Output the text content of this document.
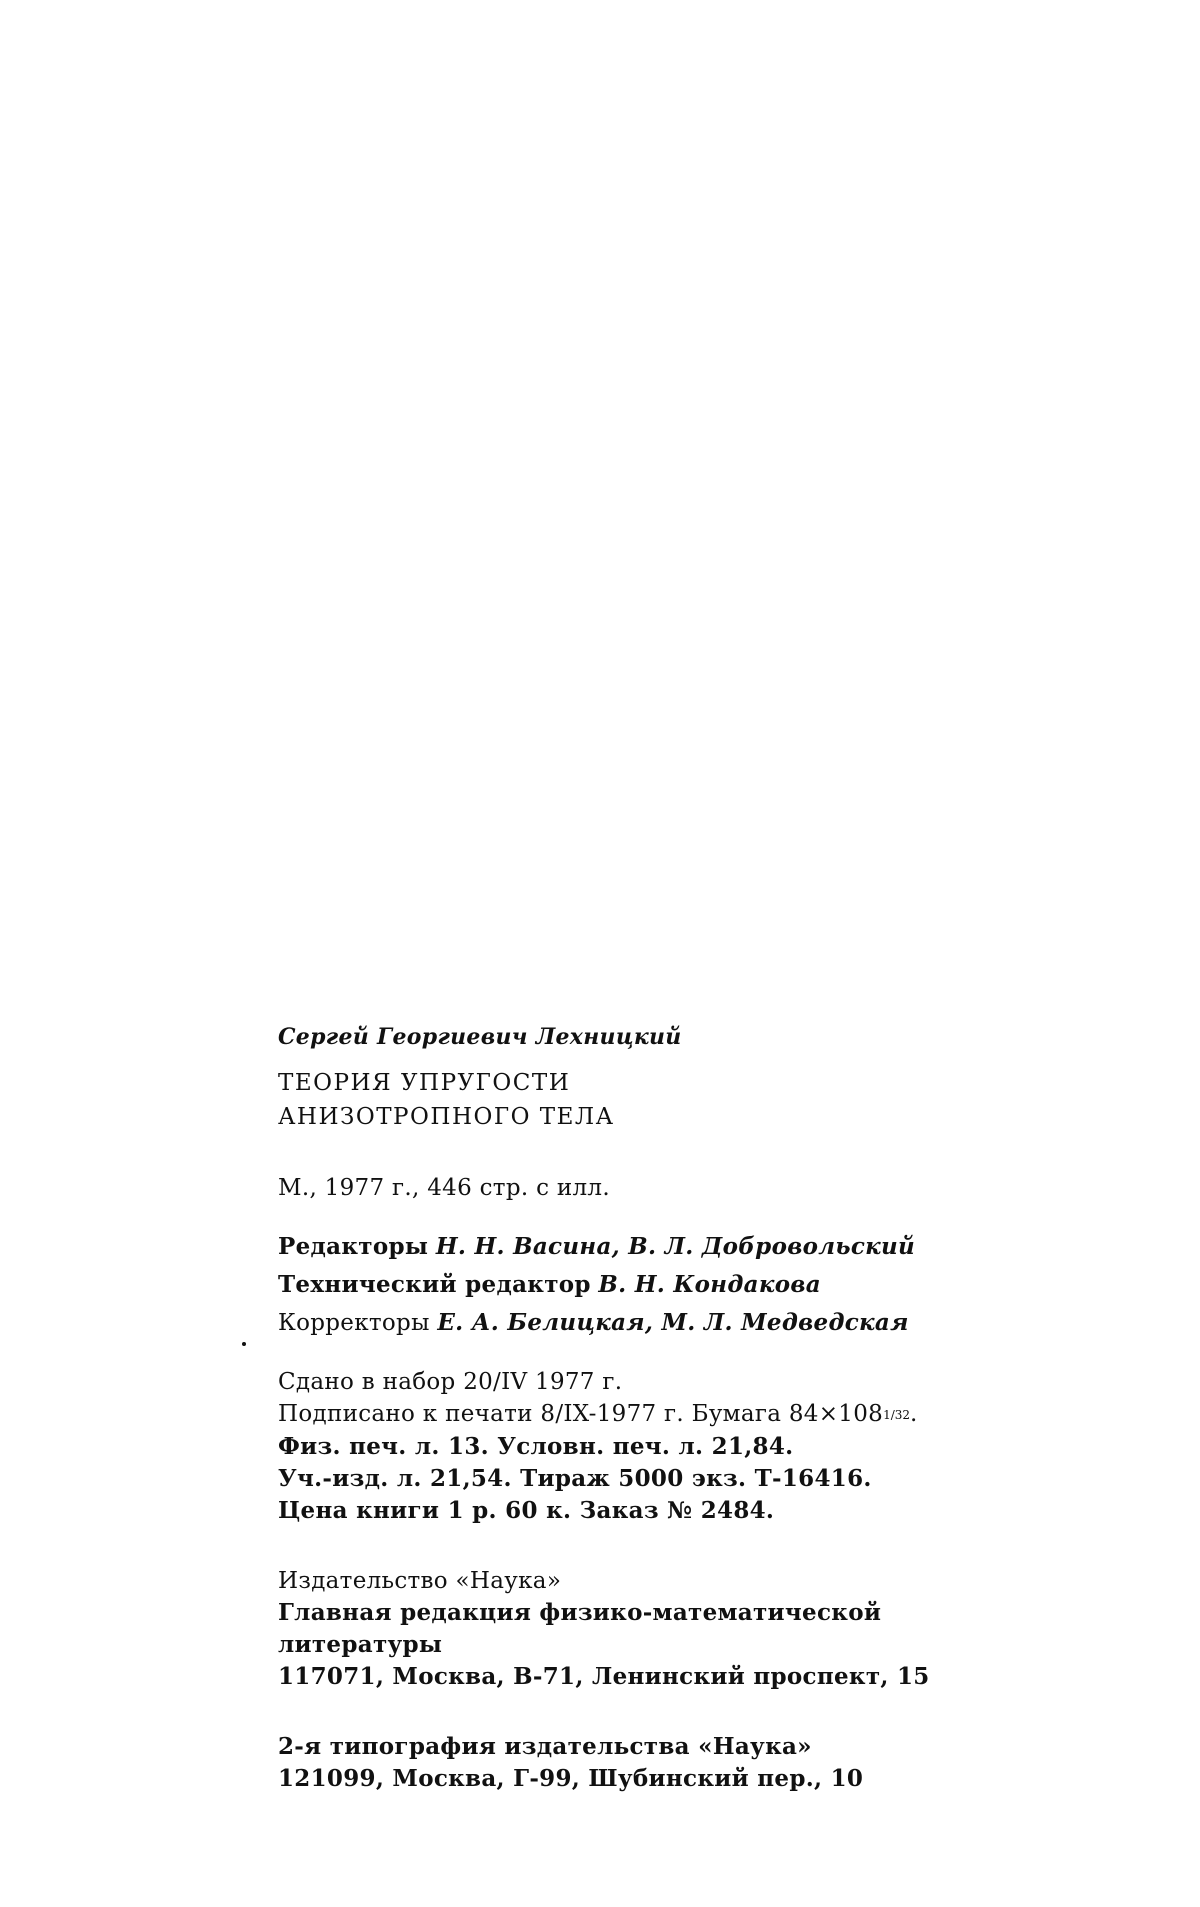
Сергей Георгиевич Лехницкий
ТЕОРИЯ УПРУГОСТИ
АНИЗОТРОПНОГО ТЕЛА
М., 1977 г., 446 стр. с илл.
Редакторы Н. Н. Васина, В. Л. Добровольский
Технический редактор В. Н. Кондакова
Корректоры Е. А. Белицкая, М. Л. Медведская
Сдано в набор 20/IV 1977 г.
Подписано к печати 8/IX-1977 г. Бумага $84\times 108_{1/32}$.
Физ. печ. л. 13. Условн. печ. л. 21,84.
Уч.-изд. л. 21,54. Тираж 5000 экз. Т-16416.
Цена книги 1 р. 60 к. Заказ № 2484.
Издательство «Наука»
Главная редакция физико-математической
литературы
117071, Москва, В-71, Ленинский проспект, 15
2-я типография издательства «Наука»
121099, Москва, Г-99, Шубинский пер., 10
